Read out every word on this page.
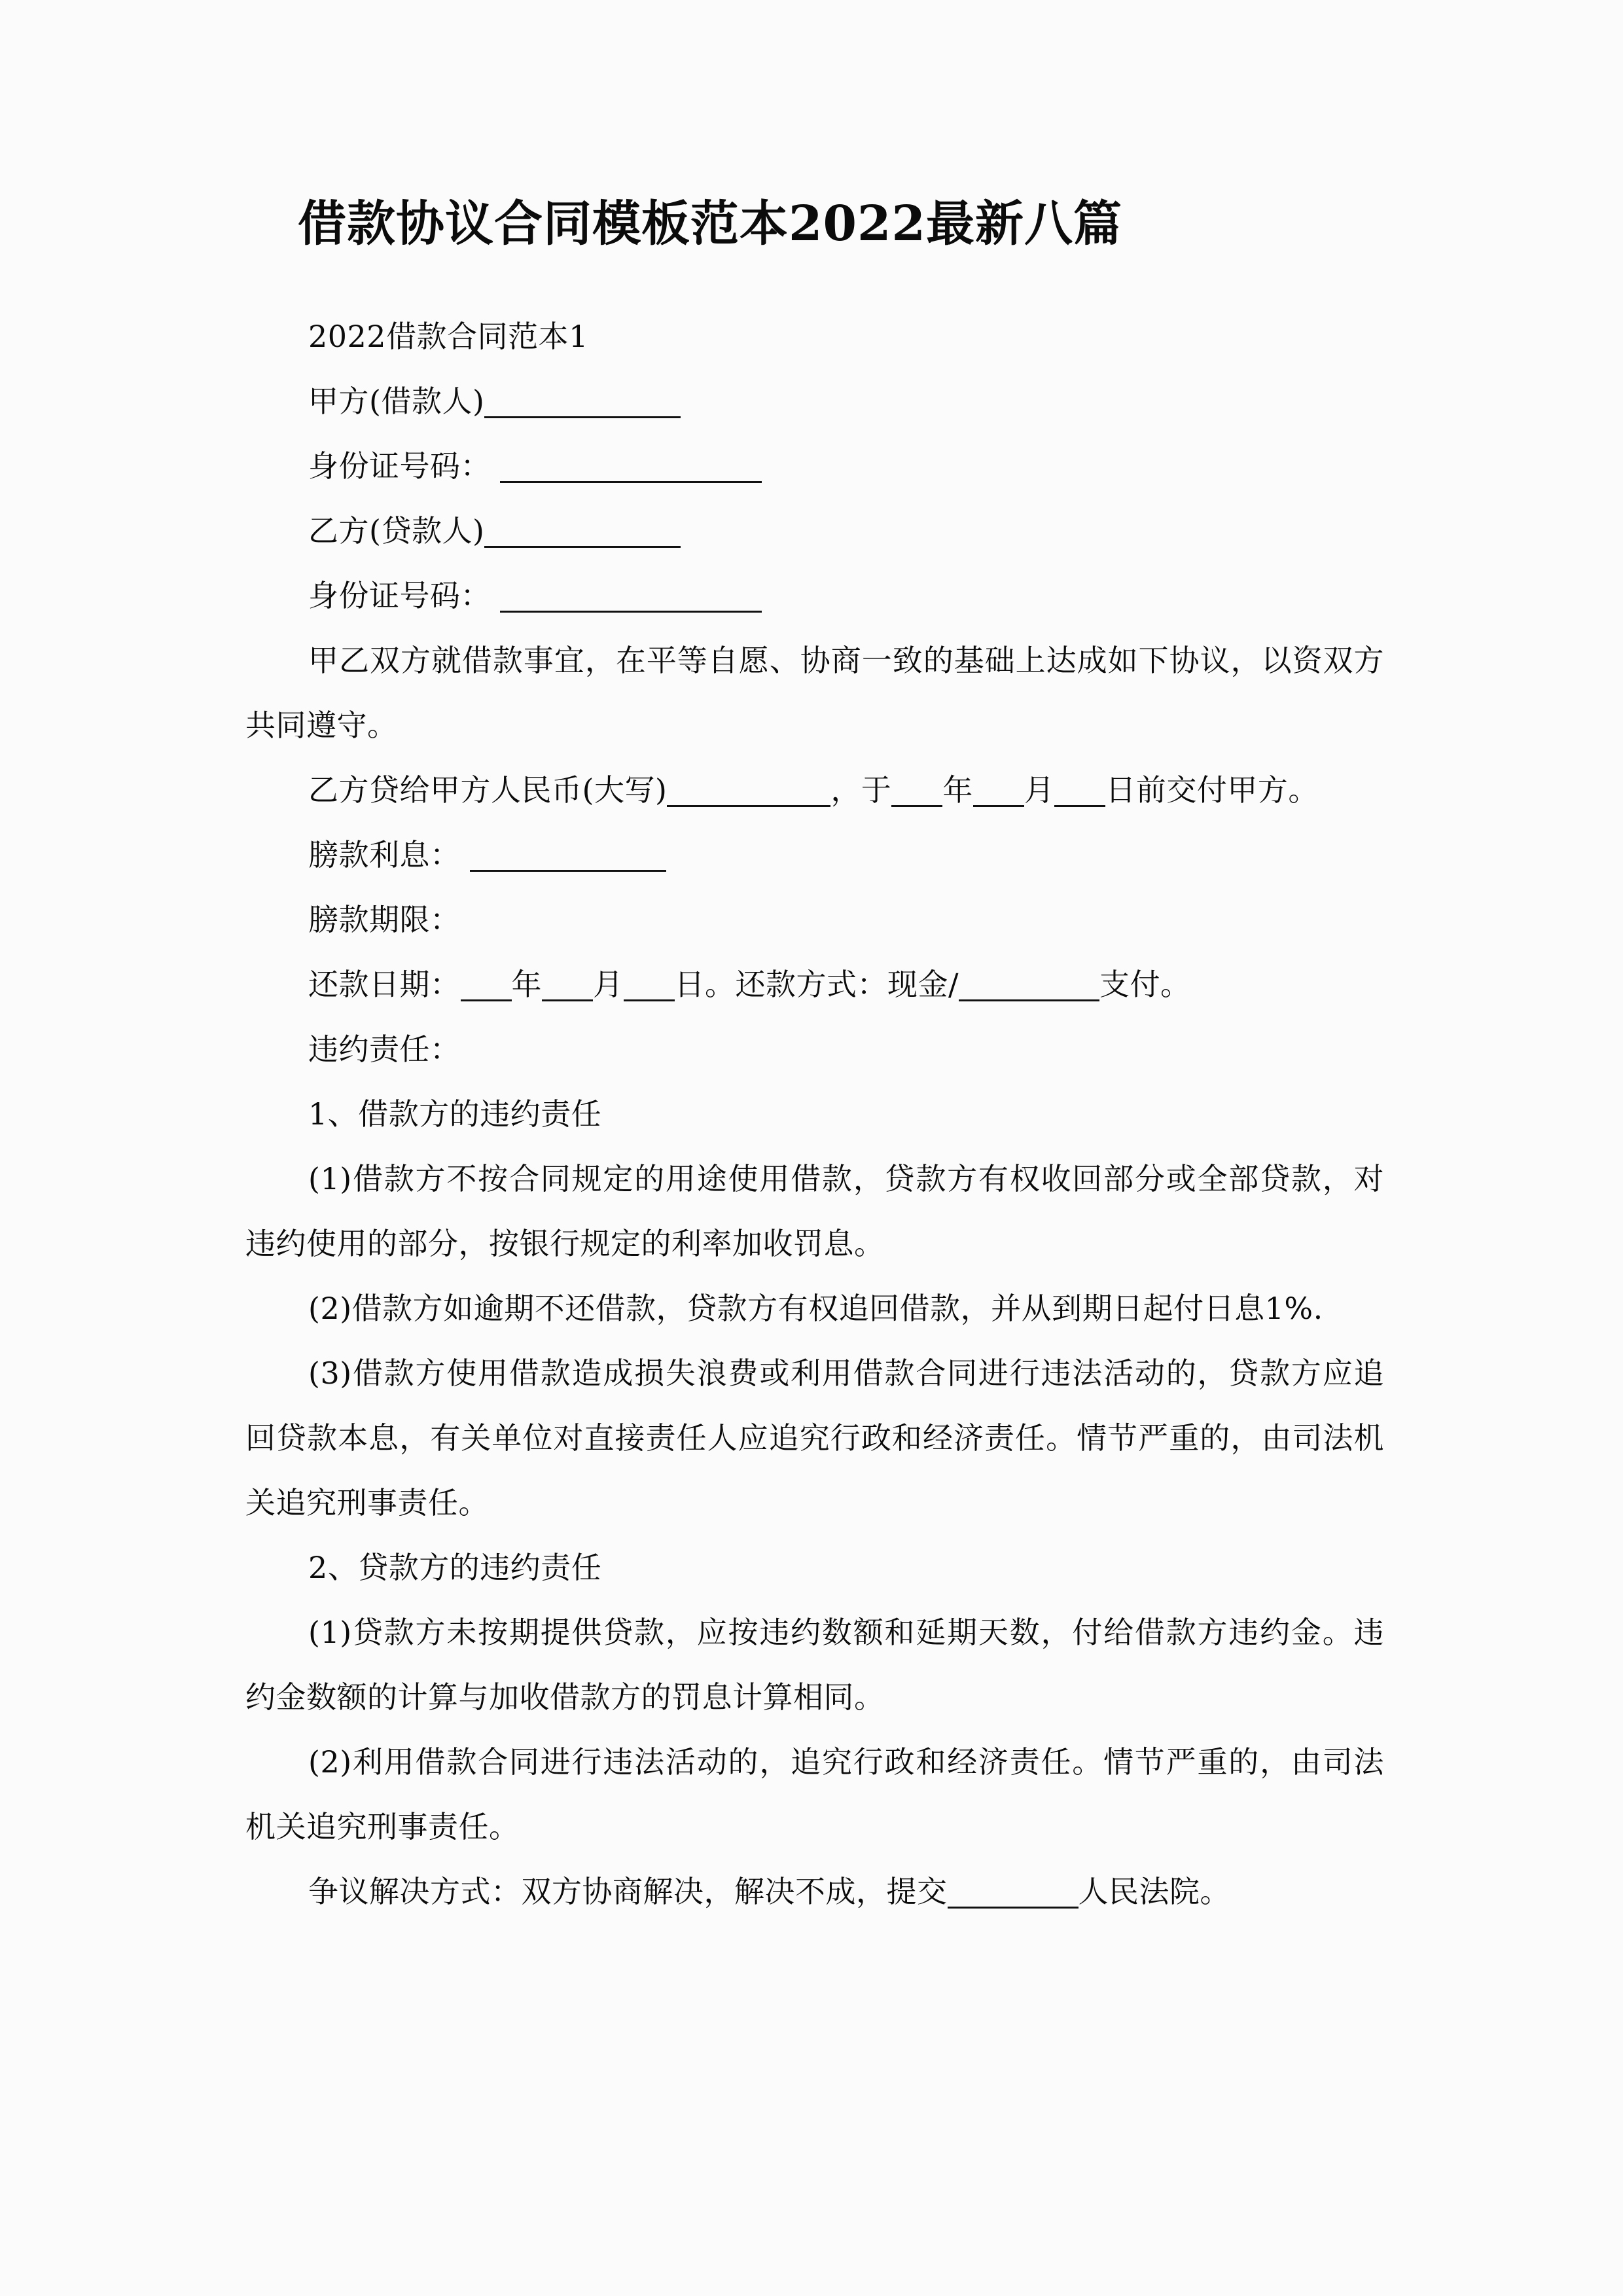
借款协议合同模板范本2022最新八篇
2022借款合同范本1
甲方(借款人)
身份证号码：
乙方(贷款人)
身份证号码：

甲乙双方就借款事宜，在平等自愿、协商一致的基础上达成如下协议，以资双方共同遵守。

乙方贷给甲方人民币(大写)	，于 年 月 日前交付甲方。

膀款利息：
膀款期限：
还款日期： 年 月 日。还款方式：现金/	支付。
违约责任：
1、借款方的违约责任

(1)借款方不按合同规定的用途使用借款，贷款方有权收回部分或全部贷款，对违约使用的部分，按银行规定的利率加收罚息。

(2)借款方如逾期不还借款，贷款方有权追回借款，并从到期日起付日息1%.

(3)借款方使用借款造成损失浪费或利用借款合同进行违法活动的，贷款方应追回贷款本息，有关单位对直接责任人应追究行政和经济责任。情节严重的，由司法机关追究刑事责任。

2、贷款方的违约责任

(1)贷款方未按期提供贷款，应按违约数额和延期天数，付给借款方违约金。违约金数额的计算与加收借款方的罚息计算相同。

(2)利用借款合同进行违法活动的，追究行政和经济责任。情节严重的，由司法机关追究刑事责任。

争议解决方式：双方协商解决，解决不成，提交	人民法院。
